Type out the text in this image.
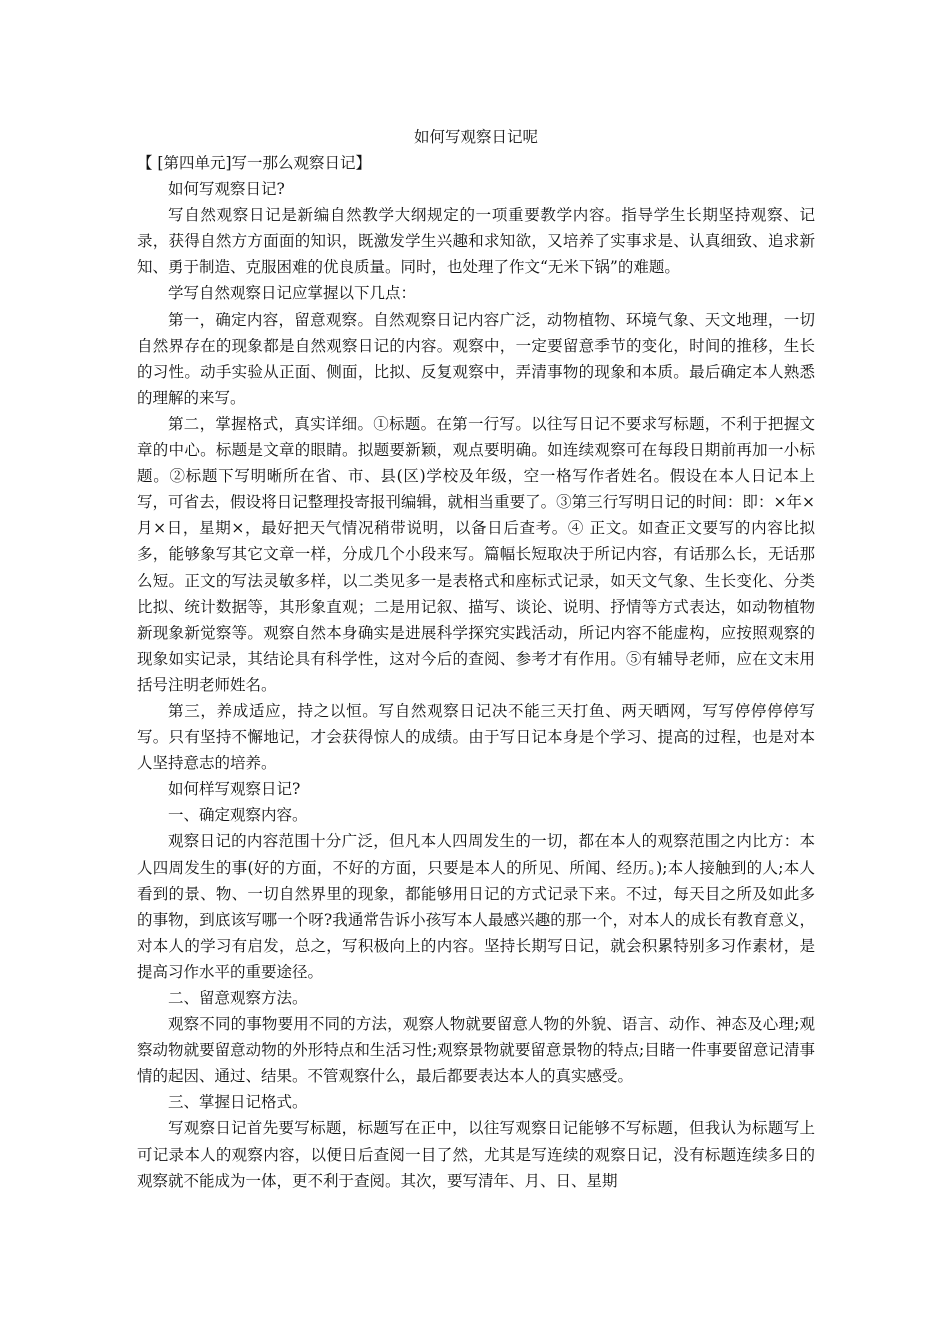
如何写观察日记呢
【 [第四单元]写一那么观察日记】

如何写观察日记?

写自然观察日记是新编自然教学大纲规定的一项重要教学内容。指导学生长期坚持观察、记录，获得自然方方面面的知识，既激发学生兴趣和求知欲，又培养了实事求是、认真细致、追求新知、勇于制造、克服困难的优良质量。同时，也处理了作文“无米下锅”的难题。

学写自然观察日记应掌握以下几点：

第一，确定内容，留意观察。自然观察日记内容广泛，动物植物、环境气象、天文地理，一切自然界存在的现象都是自然观察日记的内容。观察中，一定要留意季节的变化，时间的推移，生长的习性。动手实验从正面、侧面，比拟、反复观察中，弄清事物的现象和本质。最后确定本人熟悉的理解的来写。

第二，掌握格式，真实详细。①标题。在第一行写。以往写日记不要求写标题，不利于把握文章的中心。标题是文章的眼睛。拟题要新颖，观点要明确。如连续观察可在每段日期前再加一小标题。②标题下写明晰所在省、市、县(区)学校及年级，空一格写作者姓名。假设在本人日记本上写，可省去，假设将日记整理投寄报刊编辑，就相当重要了。③第三行写明日记的时间：即：×年×月×日，星期×，最好把天气情况稍带说明，以备日后查考。④ 正文。如查正文要写的内容比拟多，能够象写其它文章一样，分成几个小段来写。篇幅长短取决于所记内容，有话那么长，无话那么短。正文的写法灵敏多样，以二类见多一是表格式和座标式记录，如天文气象、生长变化、分类比拟、统计数据等，其形象直观；二是用记叙、描写、谈论、说明、抒情等方式表达，如动物植物新现象新觉察等。观察自然本身确实是进展科学探究实践活动，所记内容不能虚构，应按照观察的现象如实记录，其结论具有科学性，这对今后的查阅、参考才有作用。⑤有辅导老师，应在文末用括号注明老师姓名。

第三，养成适应，持之以恒。写自然观察日记决不能三天打鱼、两天晒网，写写停停停停写写。只有坚持不懈地记，才会获得惊人的成绩。由于写日记本身是个学习、提高的过程，也是对本人坚持意志的培养。

如何样写观察日记?

一、确定观察内容。

观察日记的内容范围十分广泛，但凡本人四周发生的一切，都在本人的观察范围之内比方：本人四周发生的事(好的方面，不好的方面，只要是本人的所见、所闻、经历。);本人接触到的人;本人看到的景、物、一切自然界里的现象，都能够用日记的方式记录下来。不过，每天目之所及如此多的事物，到底该写哪一个呀?我通常告诉小孩写本人最感兴趣的那一个，对本人的成长有教育意义，对本人的学习有启发，总之，写积极向上的内容。坚持长期写日记，就会积累特别多习作素材，是提高习作水平的重要途径。

二、留意观察方法。

观察不同的事物要用不同的方法，观察人物就要留意人物的外貌、语言、动作、神态及心理;观察动物就要留意动物的外形特点和生活习性;观察景物就要留意景物的特点;目睹一件事要留意记清事情的起因、通过、结果。不管观察什么，最后都要表达本人的真实感受。

三、掌握日记格式。

写观察日记首先要写标题，标题写在正中，以往写观察日记能够不写标题，但我认为标题写上可记录本人的观察内容，以便日后查阅一目了然，尤其是写连续的观察日记，没有标题连续多日的观察就不能成为一体，更不利于查阅。其次，要写清年、月、日、星期
